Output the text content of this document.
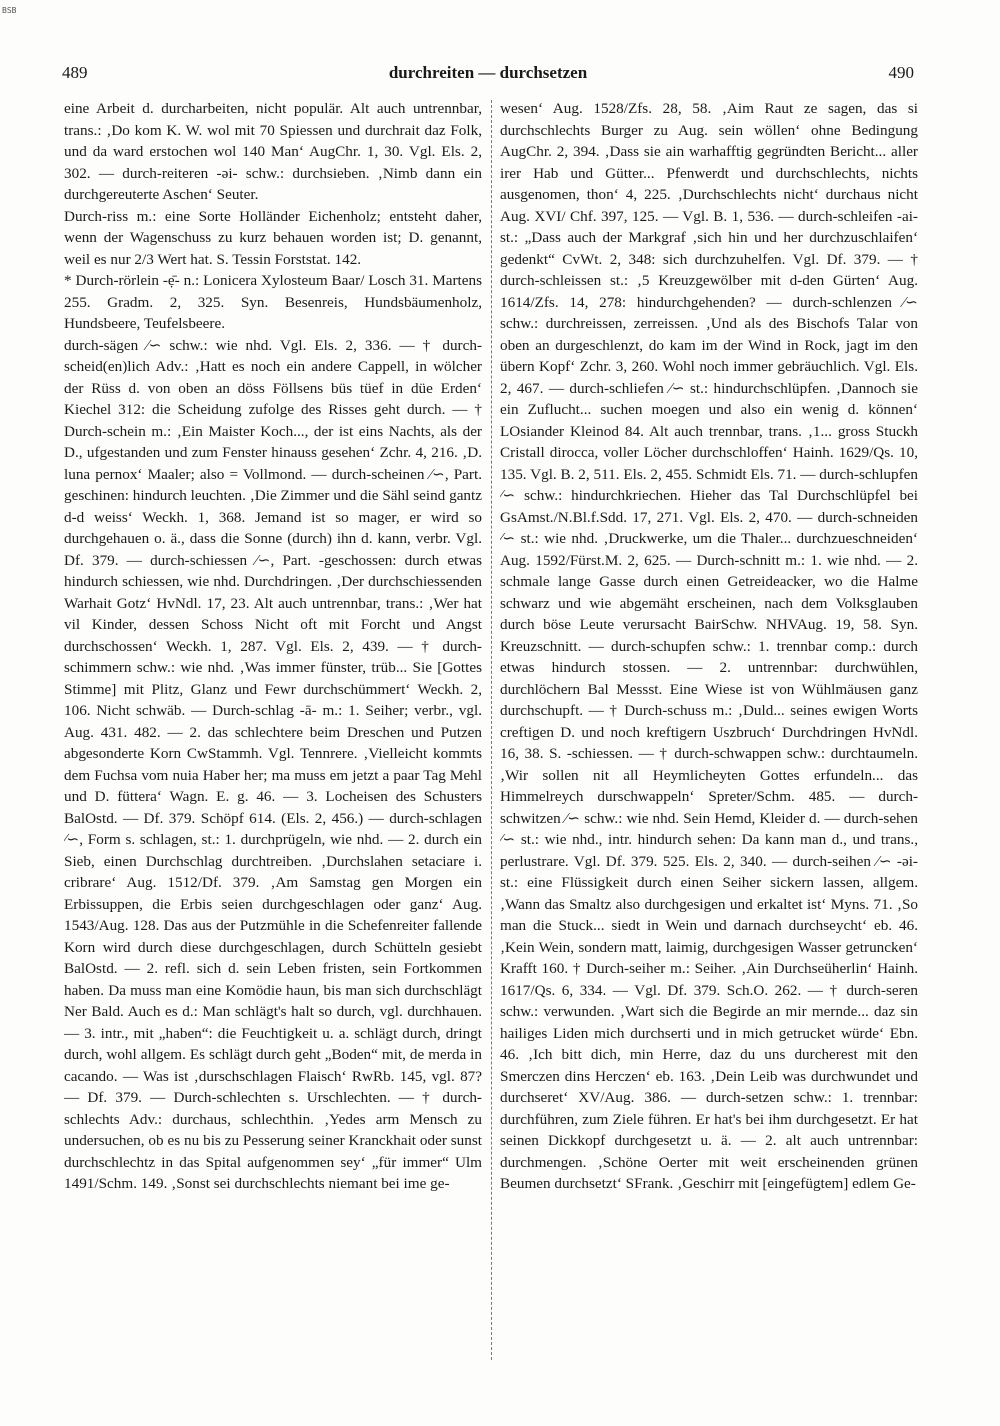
BSB
489	durchreiten — durchsetzen	490

eine Arbeit d. durcharbeiten, nicht populär. Alt auch untrennbar, trans.: ‚Do kom K. W. wol mit 70 Spiessen und durchrait daz Folk, und da ward erstochen wol 140 Man‘ AugChr. 1, 30. Vgl. Els. 2, 302. — durch-reiteren -əi- schw.: durchsieben. ‚Nimb dann ein durchgereuterte Aschen‘ Seuter.

Durch-riss m.: eine Sorte Holländer Eichenholz; entsteht daher, wenn der Wagenschuss zu kurz behauen worden ist; D. genannt, weil es nur 2/3 Wert hat. S. Tessin Forststat. 142.

* Durch-rörlein -ẹ̄- n.: Lonicera Xylosteum Baar/ Losch 31. Martens 255. Gradm. 2, 325. Syn. Besenreis, Hundsbäumenholz, Hundsbeere, Teufelsbeere.

durch-sägen ∕∽ schw.: wie nhd. Vgl. Els. 2, 336. — † durch-scheid(en)lich Adv.: ‚Hatt es noch ein andere Cappell, in wölcher der Rüss d. von oben an döss Föllsens büs tüef in düe Erden‘ Kiechel 312: die Scheidung zufolge des Risses geht durch. — † Durch-schein m.: ‚Ein Maister Koch..., der ist eins Nachts, als der D., ufgestanden und zum Fenster hinauss gesehen‘ Zchr. 4, 216. ‚D. luna pernox‘ Maaler; also = Vollmond. — durch-scheinen ∕∽, Part. geschinen: hindurch leuchten. ‚Die Zimmer und die Sähl seind gantz d-d weiss‘ Weckh. 1, 368. Jemand ist so mager, er wird so durchgehauen o. ä., dass die Sonne (durch) ihn d. kann, verbr. Vgl. Df. 379. — durch-schiessen ∕∽, Part. -geschossen: durch etwas hindurch schiessen, wie nhd. Durchdringen. ‚Der durchschiessenden Warhait Gotz‘ HvNdl. 17, 23. Alt auch untrennbar, trans.: ‚Wer hat vil Kinder, dessen Schoss Nicht oft mit Forcht und Angst durchschossen‘ Weckh. 1, 287. Vgl. Els. 2, 439. — † durch-schimmern schw.: wie nhd. ‚Was immer fünster, trüb... Sie [Gottes Stimme] mit Plitz, Glanz und Fewr durchschümmert‘ Weckh. 2, 106. Nicht schwäb. — Durch-schlag -ā- m.: 1. Seiher; verbr., vgl. Aug. 431. 482. — 2. das schlechtere beim Dreschen und Putzen abgesonderte Korn CwStammh. Vgl. Tennrere. ‚Vielleicht kommts dem Fuchsa vom nuia Haber her; ma muss em jetzt a paar Tag Mehl und D. füttera‘ Wagn. E. g. 46. — 3. Locheisen des Schusters BalOstd. — Df. 379. Schöpf 614. (Els. 2, 456.) — durch-schlagen ∕∽, Form s. schlagen, st.: 1. durchprügeln, wie nhd. — 2. durch ein Sieb, einen Durchschlag durchtreiben. ‚Durchslahen setaciare i. cribrare‘ Aug. 1512/Df. 379. ‚Am Samstag gen Morgen ein Erbissuppen, die Erbis seien durchgeschlagen oder ganz‘ Aug. 1543/Aug. 128. Das aus der Putzmühle in die Schefenreiter fallende Korn wird durch diese durchgeschlagen, durch Schütteln gesiebt BalOstd. — 2. refl. sich d. sein Leben fristen, sein Fortkommen haben. Da muss man eine Komödie haun, bis man sich durchschlägt Ner Bald. Auch es d.: Man schlägt's halt so durch, vgl. durchhauen. — 3. intr., mit „haben“: die Feuchtigkeit u. a. schlägt durch, dringt durch, wohl allgem. Es schlägt durch geht „Boden“ mit, de merda in cacando. — Was ist ‚durschschlagen Flaisch‘ RwRb. 145, vgl. 87? — Df. 379. — Durch-schlechten s. Urschlechten. — † durch-schlechts Adv.: durchaus, schlechthin. ‚Yedes arm Mensch zu undersuchen, ob es nu bis zu Pesserung seiner Kranckhait oder sunst durchschlechtz in das Spital aufgenommen sey‘ „für immer“ Ulm 1491/Schm. 149. ‚Sonst sei durchschlechts niemant bei ime ge-

wesen‘ Aug. 1528/Zfs. 28, 58. ‚Aim Raut ze sagen, das si durchschlechts Burger zu Aug. sein wöllen‘ ohne Bedingung AugChr. 2, 394. ‚Dass sie ain warhafftig gegründten Bericht... aller irer Hab und Gütter... Pfenwerdt und durchschlechts, nichts ausgenomen, thon‘ 4, 225. ‚Durchschlechts nicht‘ durchaus nicht Aug. XVI/ Chf. 397, 125. — Vgl. B. 1, 536. — durch-schleifen -ai- st.: „Dass auch der Markgraf ‚sich hin und her durchzuschlaifen‘ gedenkt“ CvWt. 2, 348: sich durchzuhelfen. Vgl. Df. 379. — † durch-schleissen st.: ‚5 Kreuzgewölber mit d-den Gürten‘ Aug. 1614/Zfs. 14, 278: hindurchgehenden? — durch-schlenzen ∕∽ schw.: durchreissen, zerreissen. ‚Und als des Bischofs Talar von oben an durgeschlenzt, do kam im der Wind in Rock, jagt im den übern Kopf‘ Zchr. 3, 260. Wohl noch immer gebräuchlich. Vgl. Els. 2, 467. — durch-schliefen ∕∽ st.: hindurchschlüpfen. ‚Dannoch sie ein Zuflucht... suchen moegen und also ein wenig d. können‘ LOsiander Kleinod 84. Alt auch trennbar, trans. ‚1... gross Stuckh Cristall dirocca, voller Löcher durchschloffen‘ Hainh. 1629/Qs. 10, 135. Vgl. B. 2, 511. Els. 2, 455. Schmidt Els. 71. — durch-schlupfen ∕∽ schw.: hindurchkriechen. Hieher das Tal Durchschlüpfel bei GsAmst./N.Bl.f.Sdd. 17, 271. Vgl. Els. 2, 470. — durch-schneiden ∕∽ st.: wie nhd. ‚Druckwerke, um die Thaler... durchzueschneiden‘ Aug. 1592/Fürst.M. 2, 625. — Durch-schnitt m.: 1. wie nhd. — 2. schmale lange Gasse durch einen Getreideacker, wo die Halme schwarz und wie abgemäht erscheinen, nach dem Volksglauben durch böse Leute verursacht BairSchw. NHVAug. 19, 58. Syn. Kreuzschnitt. — durch-schupfen schw.: 1. trennbar comp.: durch etwas hindurch stossen. — 2. untrennbar: durchwühlen, durchlöchern Bal Messst. Eine Wiese ist von Wühlmäusen ganz durchschupft. — † Durch-schuss m.: ‚Duld... seines ewigen Worts creftigen D. und noch kreftigern Uszbruch‘ Durchdringen HvNdl. 16, 38. S. -schiessen. — † durch-schwappen schw.: durchtaumeln. ‚Wir sollen nit all Heymlicheyten Gottes erfundeln... das Himmelreych durschwappeln‘ Spreter/Schm. 485. — durch-schwitzen ∕∽ schw.: wie nhd. Sein Hemd, Kleider d. — durch-sehen ∕∽ st.: wie nhd., intr. hindurch sehen: Da kann man d., und trans., perlustrare. Vgl. Df. 379. 525. Els. 2, 340. — durch-seihen ∕∽ -əi- st.: eine Flüssigkeit durch einen Seiher sickern lassen, allgem. ‚Wann das Smaltz also durchgesigen und erkaltet ist‘ Myns. 71. ‚So man die Stuck... siedt in Wein und darnach durchseycht‘ eb. 46. ‚Kein Wein, sondern matt, laimig, durchgesigen Wasser getruncken‘ Krafft 160. † Durch-seiher m.: Seiher. ‚Ain Durchseüherlin‘ Hainh. 1617/Qs. 6, 334. — Vgl. Df. 379. Sch.O. 262. — † durch-seren schw.: verwunden. ‚Wart sich die Begirde an mir mernde... daz sin hailiges Liden mich durchserti und in mich getrucket würde‘ Ebn. 46. ‚Ich bitt dich, min Herre, daz du uns durcherest mit den Smerczen dins Herczen‘ eb. 163. ‚Dein Leib was durchwundet und durchseret‘ XV/Aug. 386. — durch-setzen schw.: 1. trennbar: durchführen, zum Ziele führen. Er hat's bei ihm durchgesetzt. Er hat seinen Dickkopf durchgesetzt u. ä. — 2. alt auch untrennbar: durchmengen. ‚Schöne Oerter mit weit erscheinenden grünen Beumen durchsetzt‘ SFrank. ‚Geschirr mit [eingefügtem] edlem Ge-
